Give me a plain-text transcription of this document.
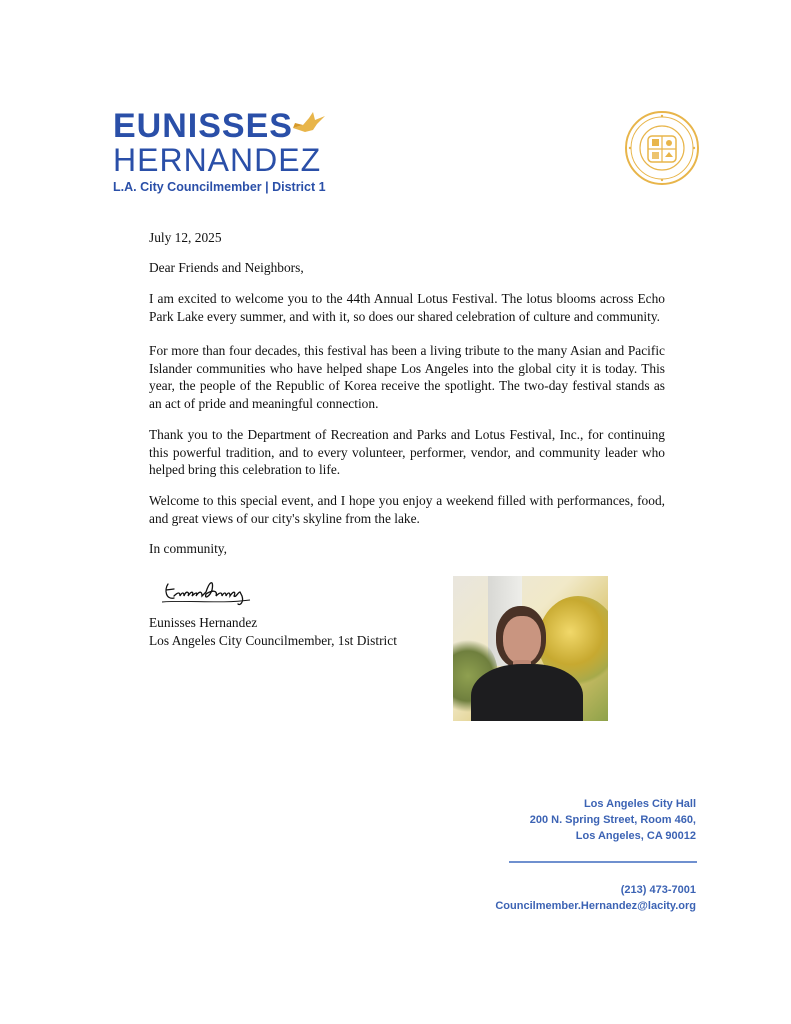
EUNISSES
HERNANDEZ
L.A. City Councilmember | District 1
July 12, 2025
Dear Friends and Neighbors,

I am excited to welcome you to the 44th Annual Lotus Festival. The lotus blooms across Echo Park Lake every summer, and with it, so does our shared celebration of culture and community.

For more than four decades, this festival has been a living tribute to the many Asian and Pacific Islander communities who have helped shape Los Angeles into the global city it is today. This year, the people of the Republic of Korea receive the spotlight. The two-day festival stands as an act of pride and meaningful connection.

Thank you to the Department of Recreation and Parks and Lotus Festival, Inc., for continuing this powerful tradition, and to every volunteer, performer, vendor, and community leader who helped bring this celebration to life.

Welcome to this special event, and I hope you enjoy a weekend filled with performances, food, and great views of our city's skyline from the lake.

In community,
Eunisses Hernandez
Los Angeles City Councilmember, 1st District
Los Angeles City Hall
200 N. Spring Street, Room 460,
Los Angeles, CA 90012
(213) 473-7001
Councilmember.Hernandez@lacity.org
